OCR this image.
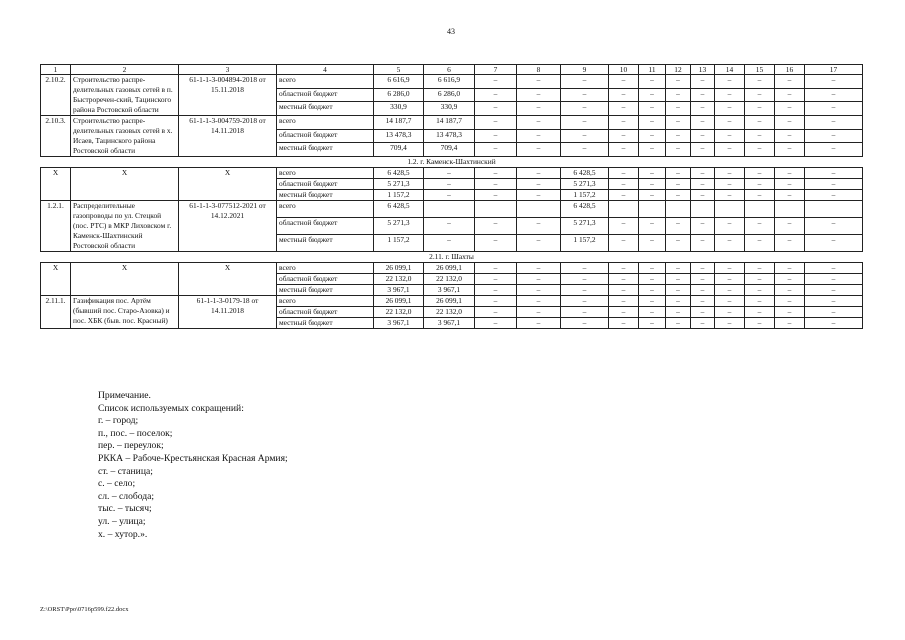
43
1	2	3	4	5	6	7	8	9	10	11	12	13	14	15	16	17
2.10.2.	Строительство распре-делительных газовых сетей в п. Быстроречен-ский, Тацинского района Ростовской области	61-1-1-3-004894-2018 от 15.11.2018	всего	6 616,9	6 616,9	–	–	–	–	–	–	–	–	–	–	–
			областной бюджет	6 286,0	6 286,0	–	–	–	–	–	–	–	–	–	–	–
			местный бюджет	330,9	330,9	–	–	–	–	–	–	–	–	–	–	–
2.10.3.	Строительство распре-делительных газовых сетей в х. Исаев, Тацинского района Ростовской области	61-1-1-3-004759-2018 от 14.11.2018	всего	14 187,7	14 187,7	–	–	–	–	–	–	–	–	–	–	–
			областной бюджет	13 478,3	13 478,3	–	–	–	–	–	–	–	–	–	–	–
			местный бюджет	709,4	709,4	–	–	–	–	–	–	–	–	–	–	–
1.2. г. Каменск-Шахтинский																
Х	Х	Х	всего	6 428,5	–	–	–	6 428,5	–	–	–	–	–	–	–	–
			областной бюджет	5 271,3	–	–	–	5 271,3	–	–	–	–	–	–	–	–
			местный бюджет	1 157,2	–	–	–	1 157,2	–	–	–	–	–	–	–	–
1.2.1.	Распределительные газопроводы по ул. Стецкой (пос. РТС) в МКР Лиховском г. Каменск-Шахтинский Ростовской области	61-1-1-3-077512-2021 от 14.12.2021	всего	6 428,5				6 428,5								
			областной бюджет	5 271,3	–	–	–	5 271,3	–	–	–	–	–	–	–	–
			местный бюджет	1 157,2	–	–	–	1 157,2	–	–	–	–	–	–	–	–
2.11. г. Шахты																
Х	Х	Х	всего	26 099,1	26 099,1	–	–	–	–	–	–	–	–	–	–	–
			областной бюджет	22 132,0	22 132,0	–	–	–	–	–	–	–	–	–	–	–
			местный бюджет	3 967,1	3 967,1	–	–	–	–	–	–	–	–	–	–	–
2.11.1.	Газификация пос. Артём (бывший пос. Старо-Азовка) и пос. ХБК (быв. пос. Красный)	61-1-1-3-0179-18 от 14.11.2018	всего	26 099,1	26 099,1	–	–	–	–	–	–	–	–	–	–	–
			областной бюджет	22 132,0	22 132,0	–	–	–	–	–	–	–	–	–	–	–
			местный бюджет	3 967,1	3 967,1	–	–	–	–	–	–	–	–	–	–	–
Примечание.
Список используемых сокращений:
г. – город;
п., пос. – поселок;
пер. – переулок;
РККА – Рабоче-Крестьянская Красная Армия;
ст. – станица;
с. – село;
сл. – слобода;
тыс. – тысяч;
ул. – улица;
х. – хутор.».
Z:\ORST\Ppo\0716p599.f22.docx
